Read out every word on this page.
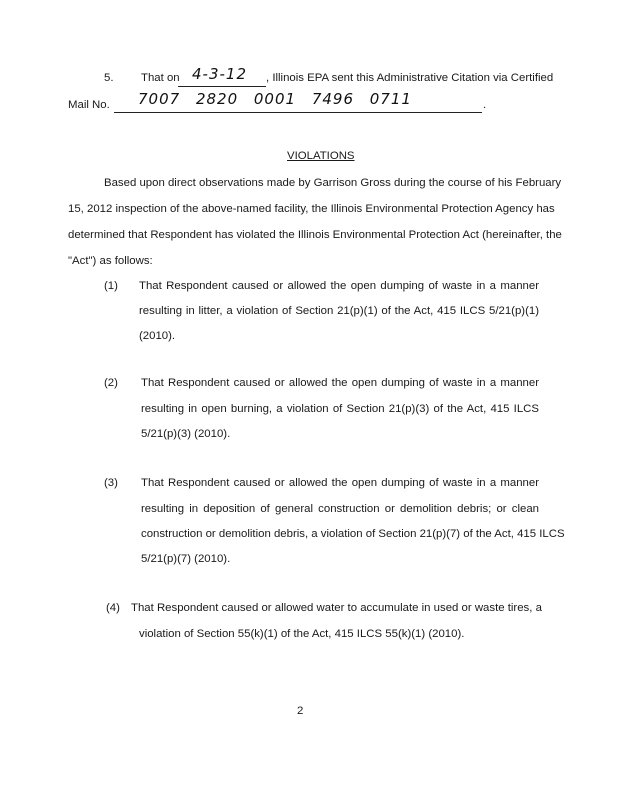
5. That on 4-3-12 , Illinois EPA sent this Administrative Citation via Certified
Mail No. 7007 2820 0001 7496 0711	.
VIOLATIONS
Based upon direct observations made by Garrison Gross during the course of his February
15, 2012 inspection of the above-named facility, the Illinois Environmental Protection Agency has
determined that Respondent has violated the Illinois Environmental Protection Act (hereinafter, the
"Act") as follows:
(1) That Respondent caused or allowed the open dumping of waste in a manner
resulting in litter, a violation of Section 21(p)(1) of the Act, 415 ILCS 5/21(p)(1)
(2010).
(2) That Respondent caused or allowed the open dumping of waste in a manner
resulting in open burning, a violation of Section 21(p)(3) of the Act, 415 ILCS
5/21(p)(3) (2010).
(3) That Respondent caused or allowed the open dumping of waste in a manner
resulting in deposition of general construction or demolition debris; or clean
construction or demolition debris, a violation of Section 21(p)(7) of the Act, 415 ILCS
5/21(p)(7) (2010).
(4) That Respondent caused or allowed water to accumulate in used or waste tires, a
violation of Section 55(k)(1) of the Act, 415 ILCS 55(k)(1) (2010).
2
